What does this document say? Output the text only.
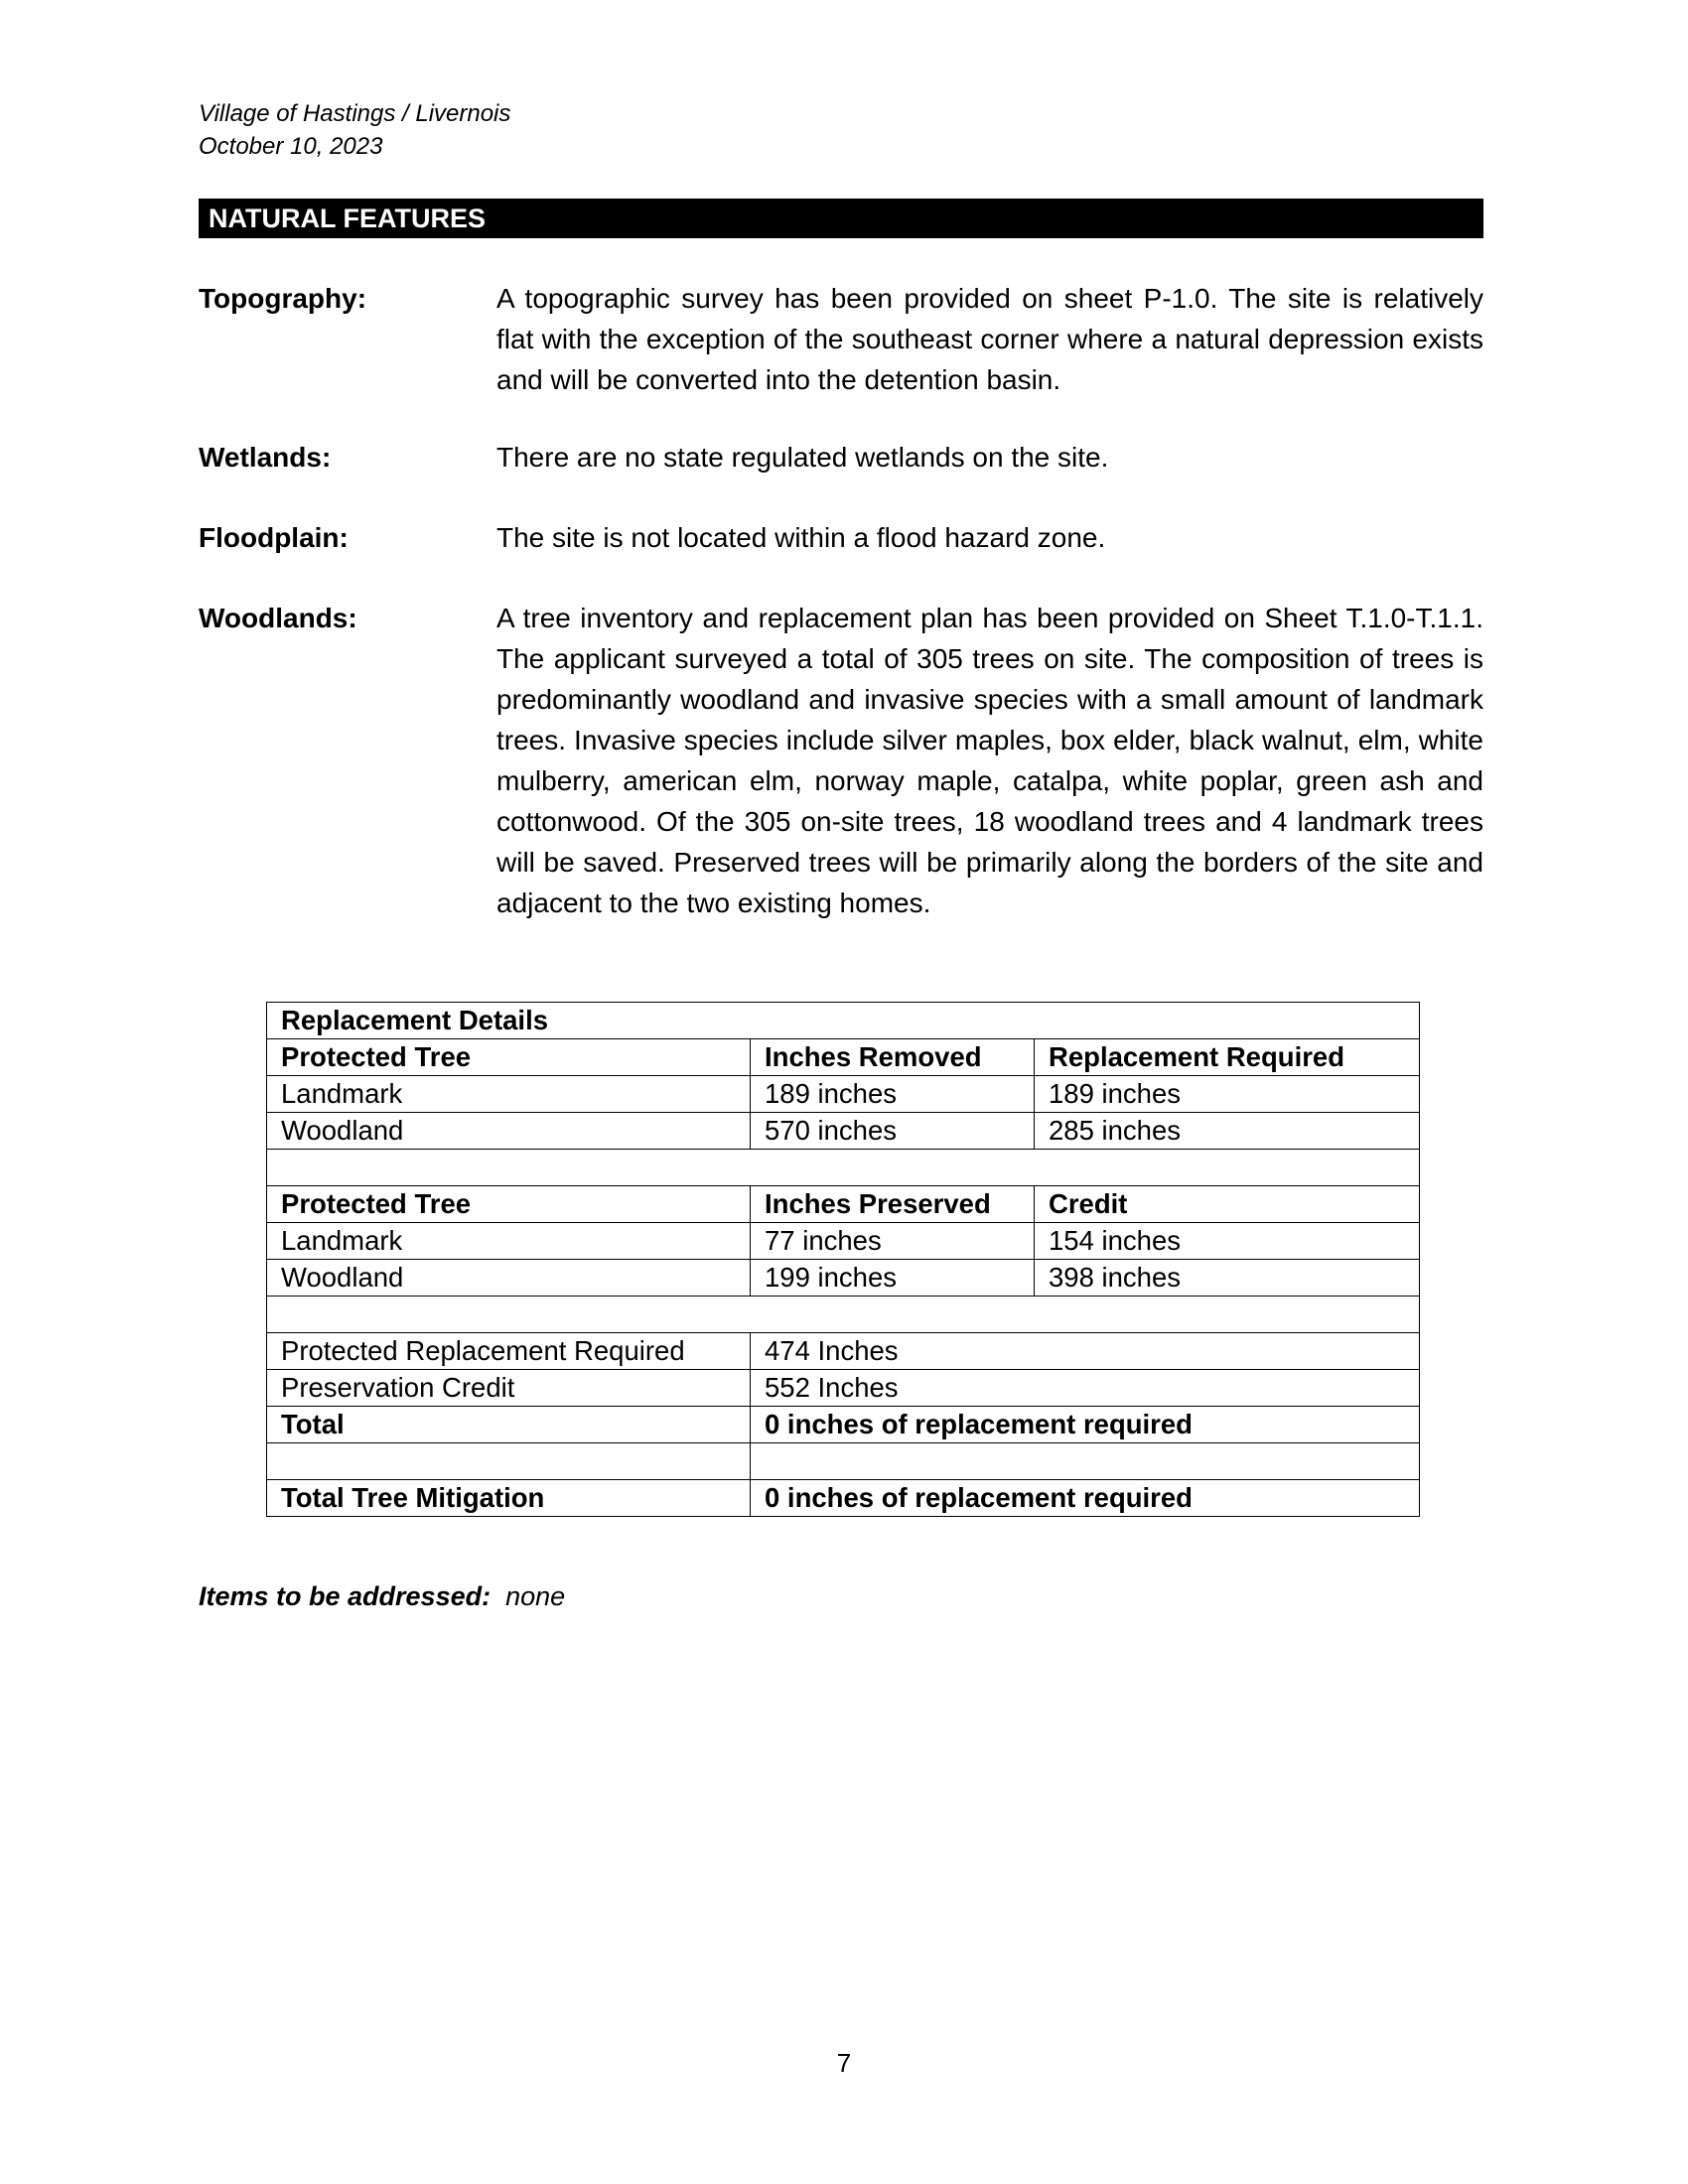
Village of Hastings / Livernois
October 10, 2023
NATURAL FEATURES
Topography:	A topographic survey has been provided on sheet P-1.0. The site is relatively flat with the exception of the southeast corner where a natural depression exists and will be converted into the detention basin.
Wetlands:	There are no state regulated wetlands on the site.
Floodplain:	The site is not located within a flood hazard zone.
Woodlands:	A tree inventory and replacement plan has been provided on Sheet T.1.0-T.1.1. The applicant surveyed a total of 305 trees on site. The composition of trees is predominantly woodland and invasive species with a small amount of landmark trees. Invasive species include silver maples, box elder, black walnut, elm, white mulberry, american elm, norway maple, catalpa, white poplar, green ash and cottonwood. Of the 305 on-site trees, 18 woodland trees and 4 landmark trees will be saved. Preserved trees will be primarily along the borders of the site and adjacent to the two existing homes.
Replacement Details		
Protected Tree	Inches Removed	Replacement Required
Landmark	189 inches	189 inches
Woodland	570 inches	285 inches

Protected Tree	Inches Preserved	Credit
Landmark	77 inches	154 inches
Woodland	199 inches	398 inches

Protected Replacement Required	474 Inches	
Preservation Credit	552 Inches	
Total	0 inches of replacement required	

Total Tree Mitigation	0 inches of replacement required	
Items to be addressed: none
7
